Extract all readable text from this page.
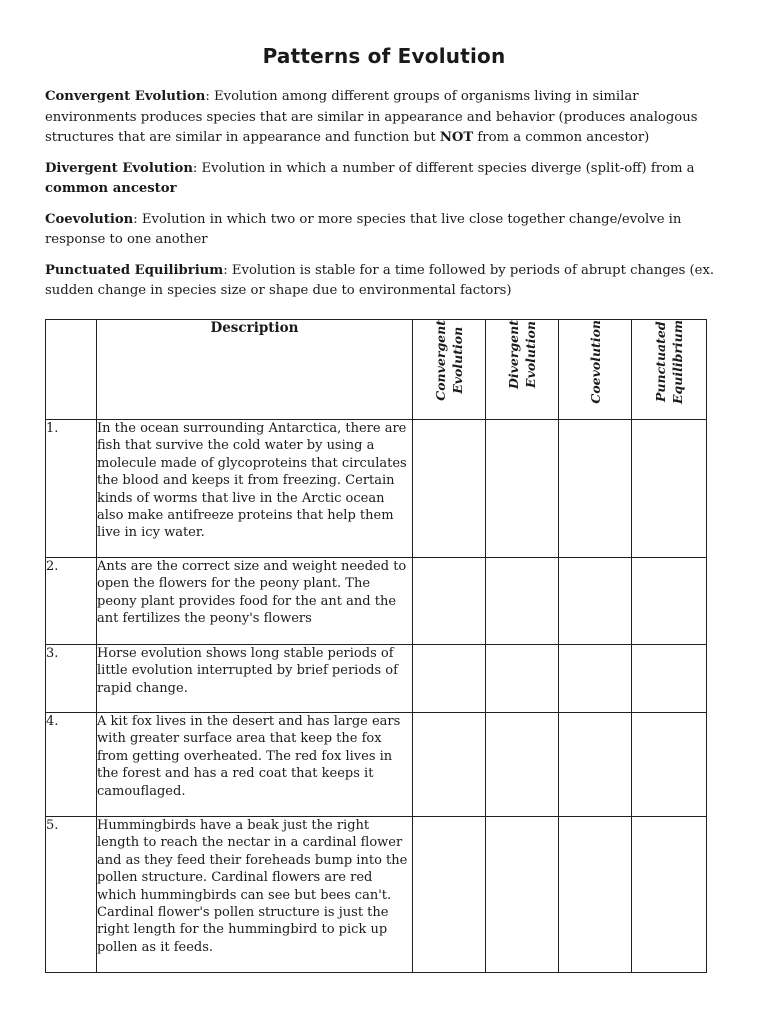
Patterns of Evolution

Convergent Evolution: Evolution among different groups of organisms living in similar environments produces species that are similar in appearance and behavior (produces analogous structures that are similar in appearance and function but NOT from a common ancestor)

Divergent Evolution: Evolution in which a number of different species diverge (split-off) from a common ancestor

Coevolution: Evolution in which two or more species that live close together change/evolve in response to one another

Punctuated Equilibrium: Evolution is stable for a time followed by periods of abrupt changes (ex. sudden change in species size or shape due to environmental factors)

	Description	Convergent Evolution	Divergent Evolution	Coevolution	Punctuated Equilibrium
1.	In the ocean surrounding Antarctica, there are fish that survive the cold water by using a molecule made of glycoproteins that circulates the blood and keeps it from freezing. Certain kinds of worms that live in the Arctic ocean also make antifreeze proteins that help them live in icy water.				
2.	Ants are the correct size and weight needed to open the flowers for the peony plant. The peony plant provides food for the ant and the ant fertilizes the peony's flowers				
3.	Horse evolution shows long stable periods of little evolution interrupted by brief periods of rapid change.				
4.	A kit fox lives in the desert and has large ears with greater surface area that keep the fox from getting overheated. The red fox lives in the forest and has a red coat that keeps it camouflaged.				
5.	Hummingbirds have a beak just the right length to reach the nectar in a cardinal flower and as they feed their foreheads bump into the pollen structure. Cardinal flowers are red which hummingbirds can see but bees can't. Cardinal flower's pollen structure is just the right length for the hummingbird to pick up pollen as it feeds.				
